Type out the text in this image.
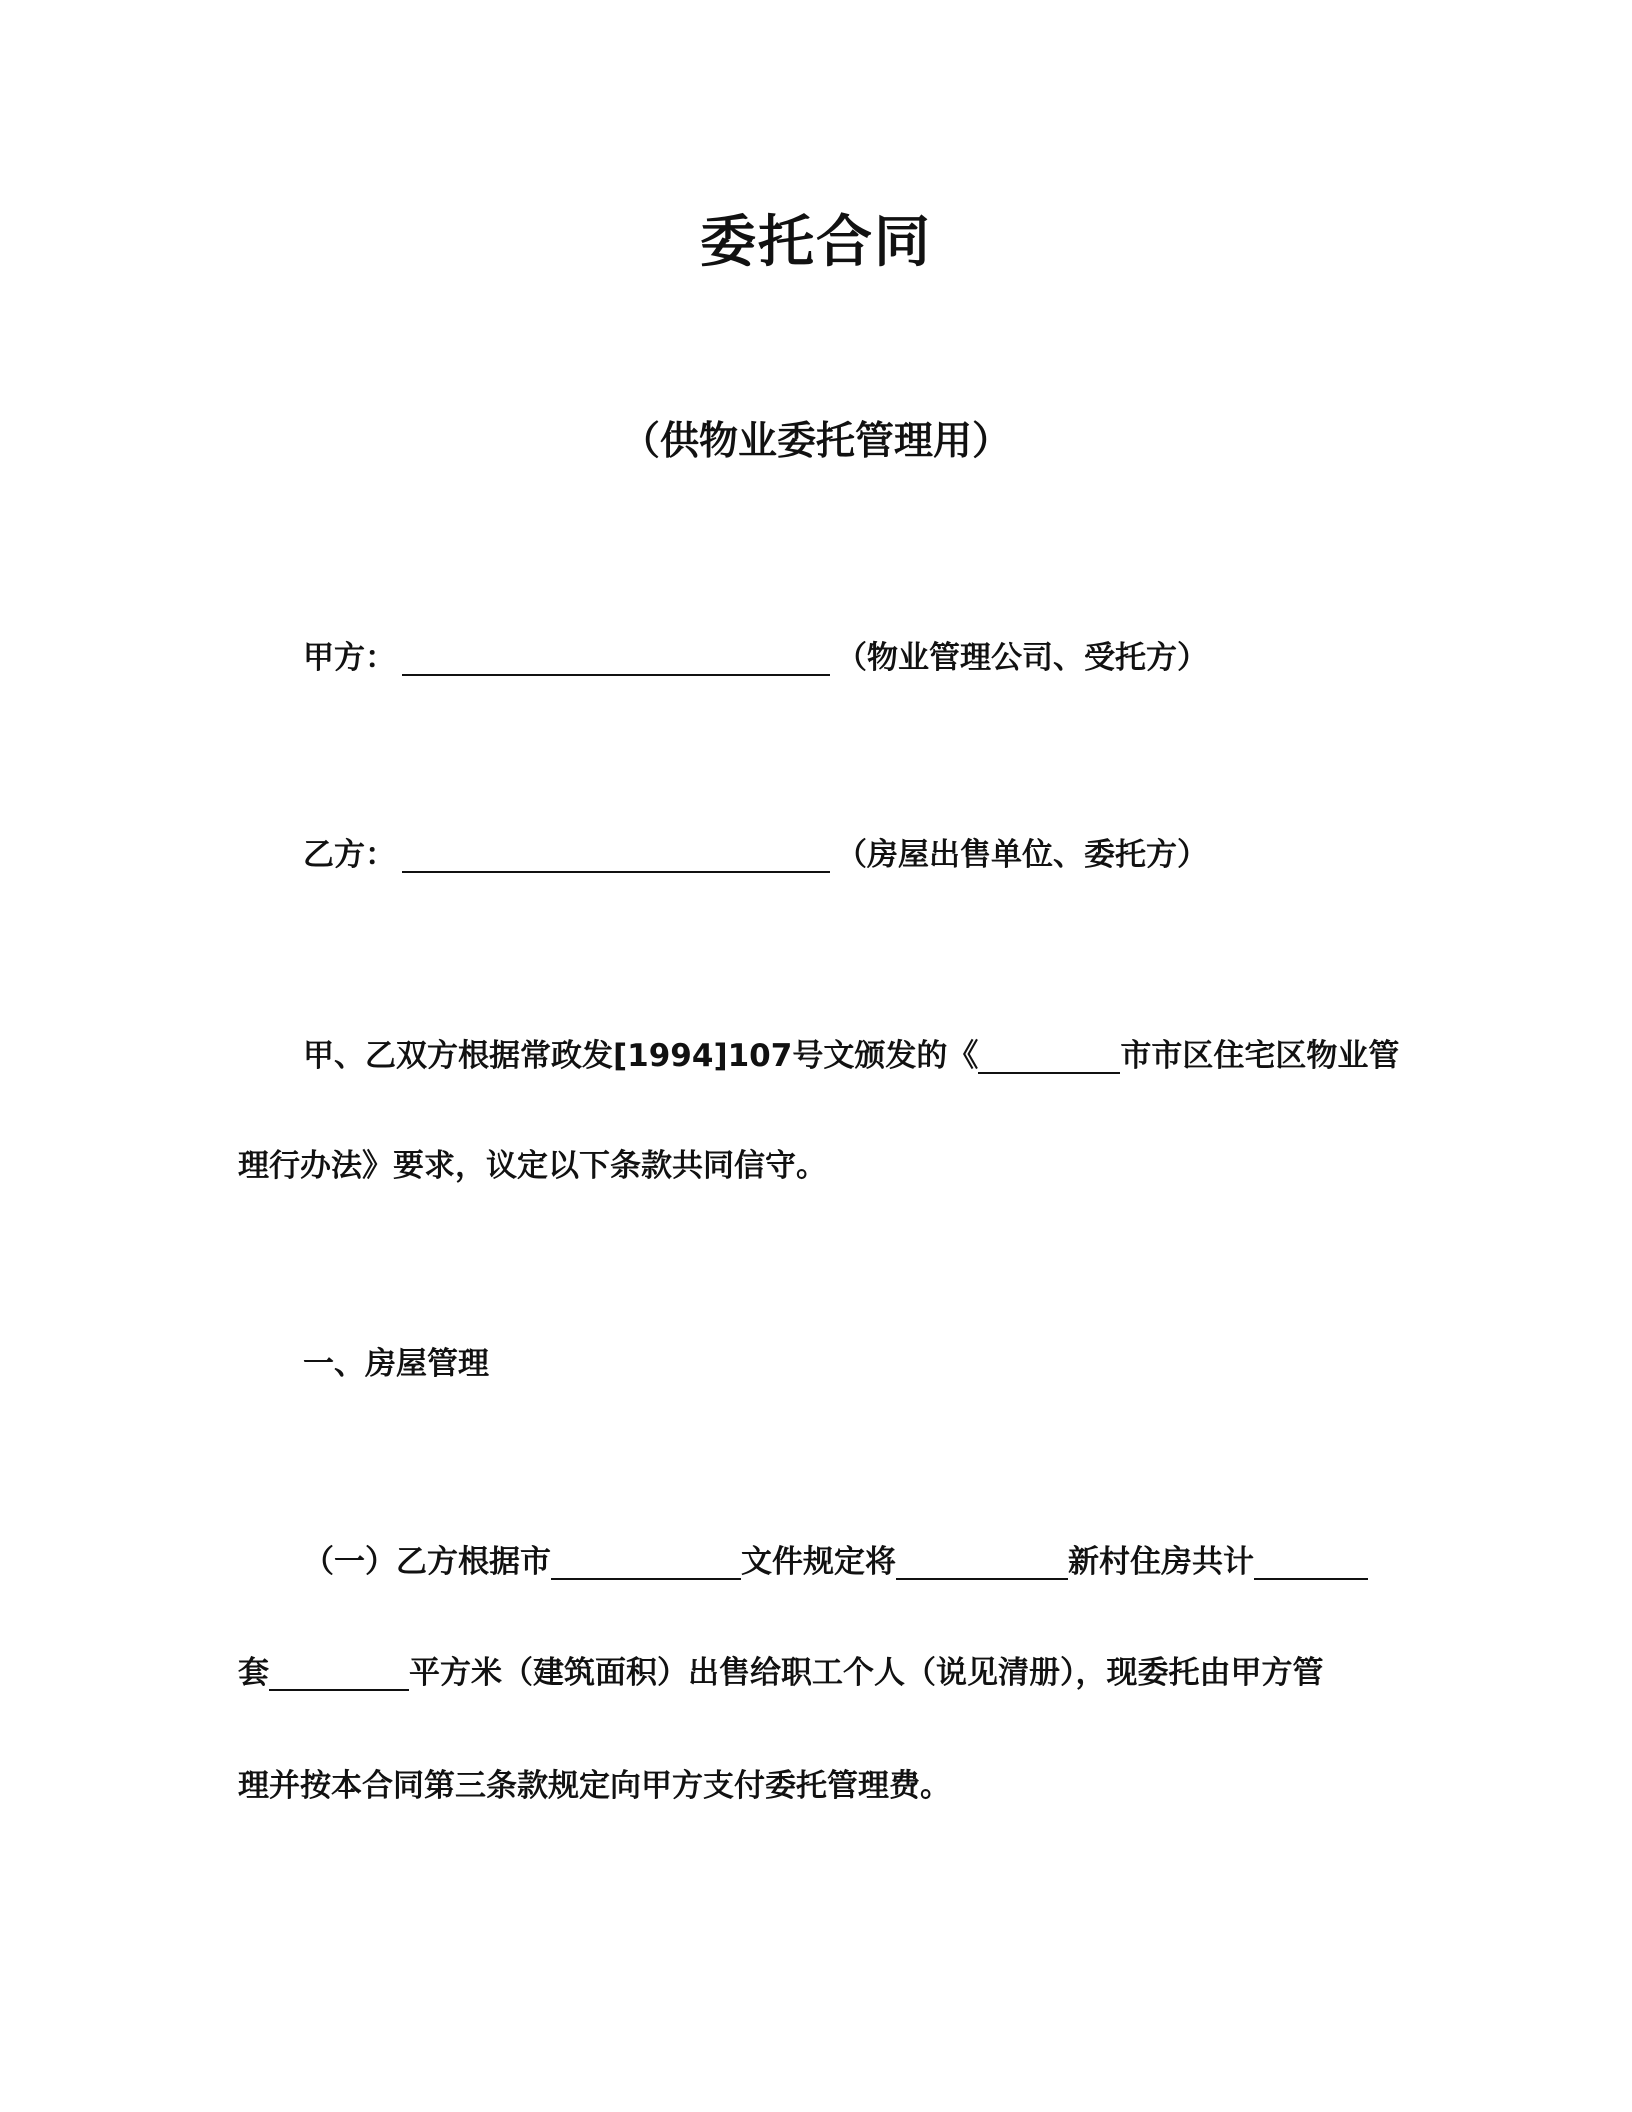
委托合同
（供物业委托管理用）
甲方：	（物业管理公司、受托方）
乙方：	（房屋出售单位、委托方）
甲、乙双方根据常政发[1994]107号文颁发的《	市市区住宅区物业管
理行办法》要求，议定以下条款共同信守。
一、房屋管理
（一）乙方根据市	文件规定将	新村住房共计
套	平方米（建筑面积）出售给职工个人（说见清册），现委托由甲方管
理并按本合同第三条款规定向甲方支付委托管理费。
